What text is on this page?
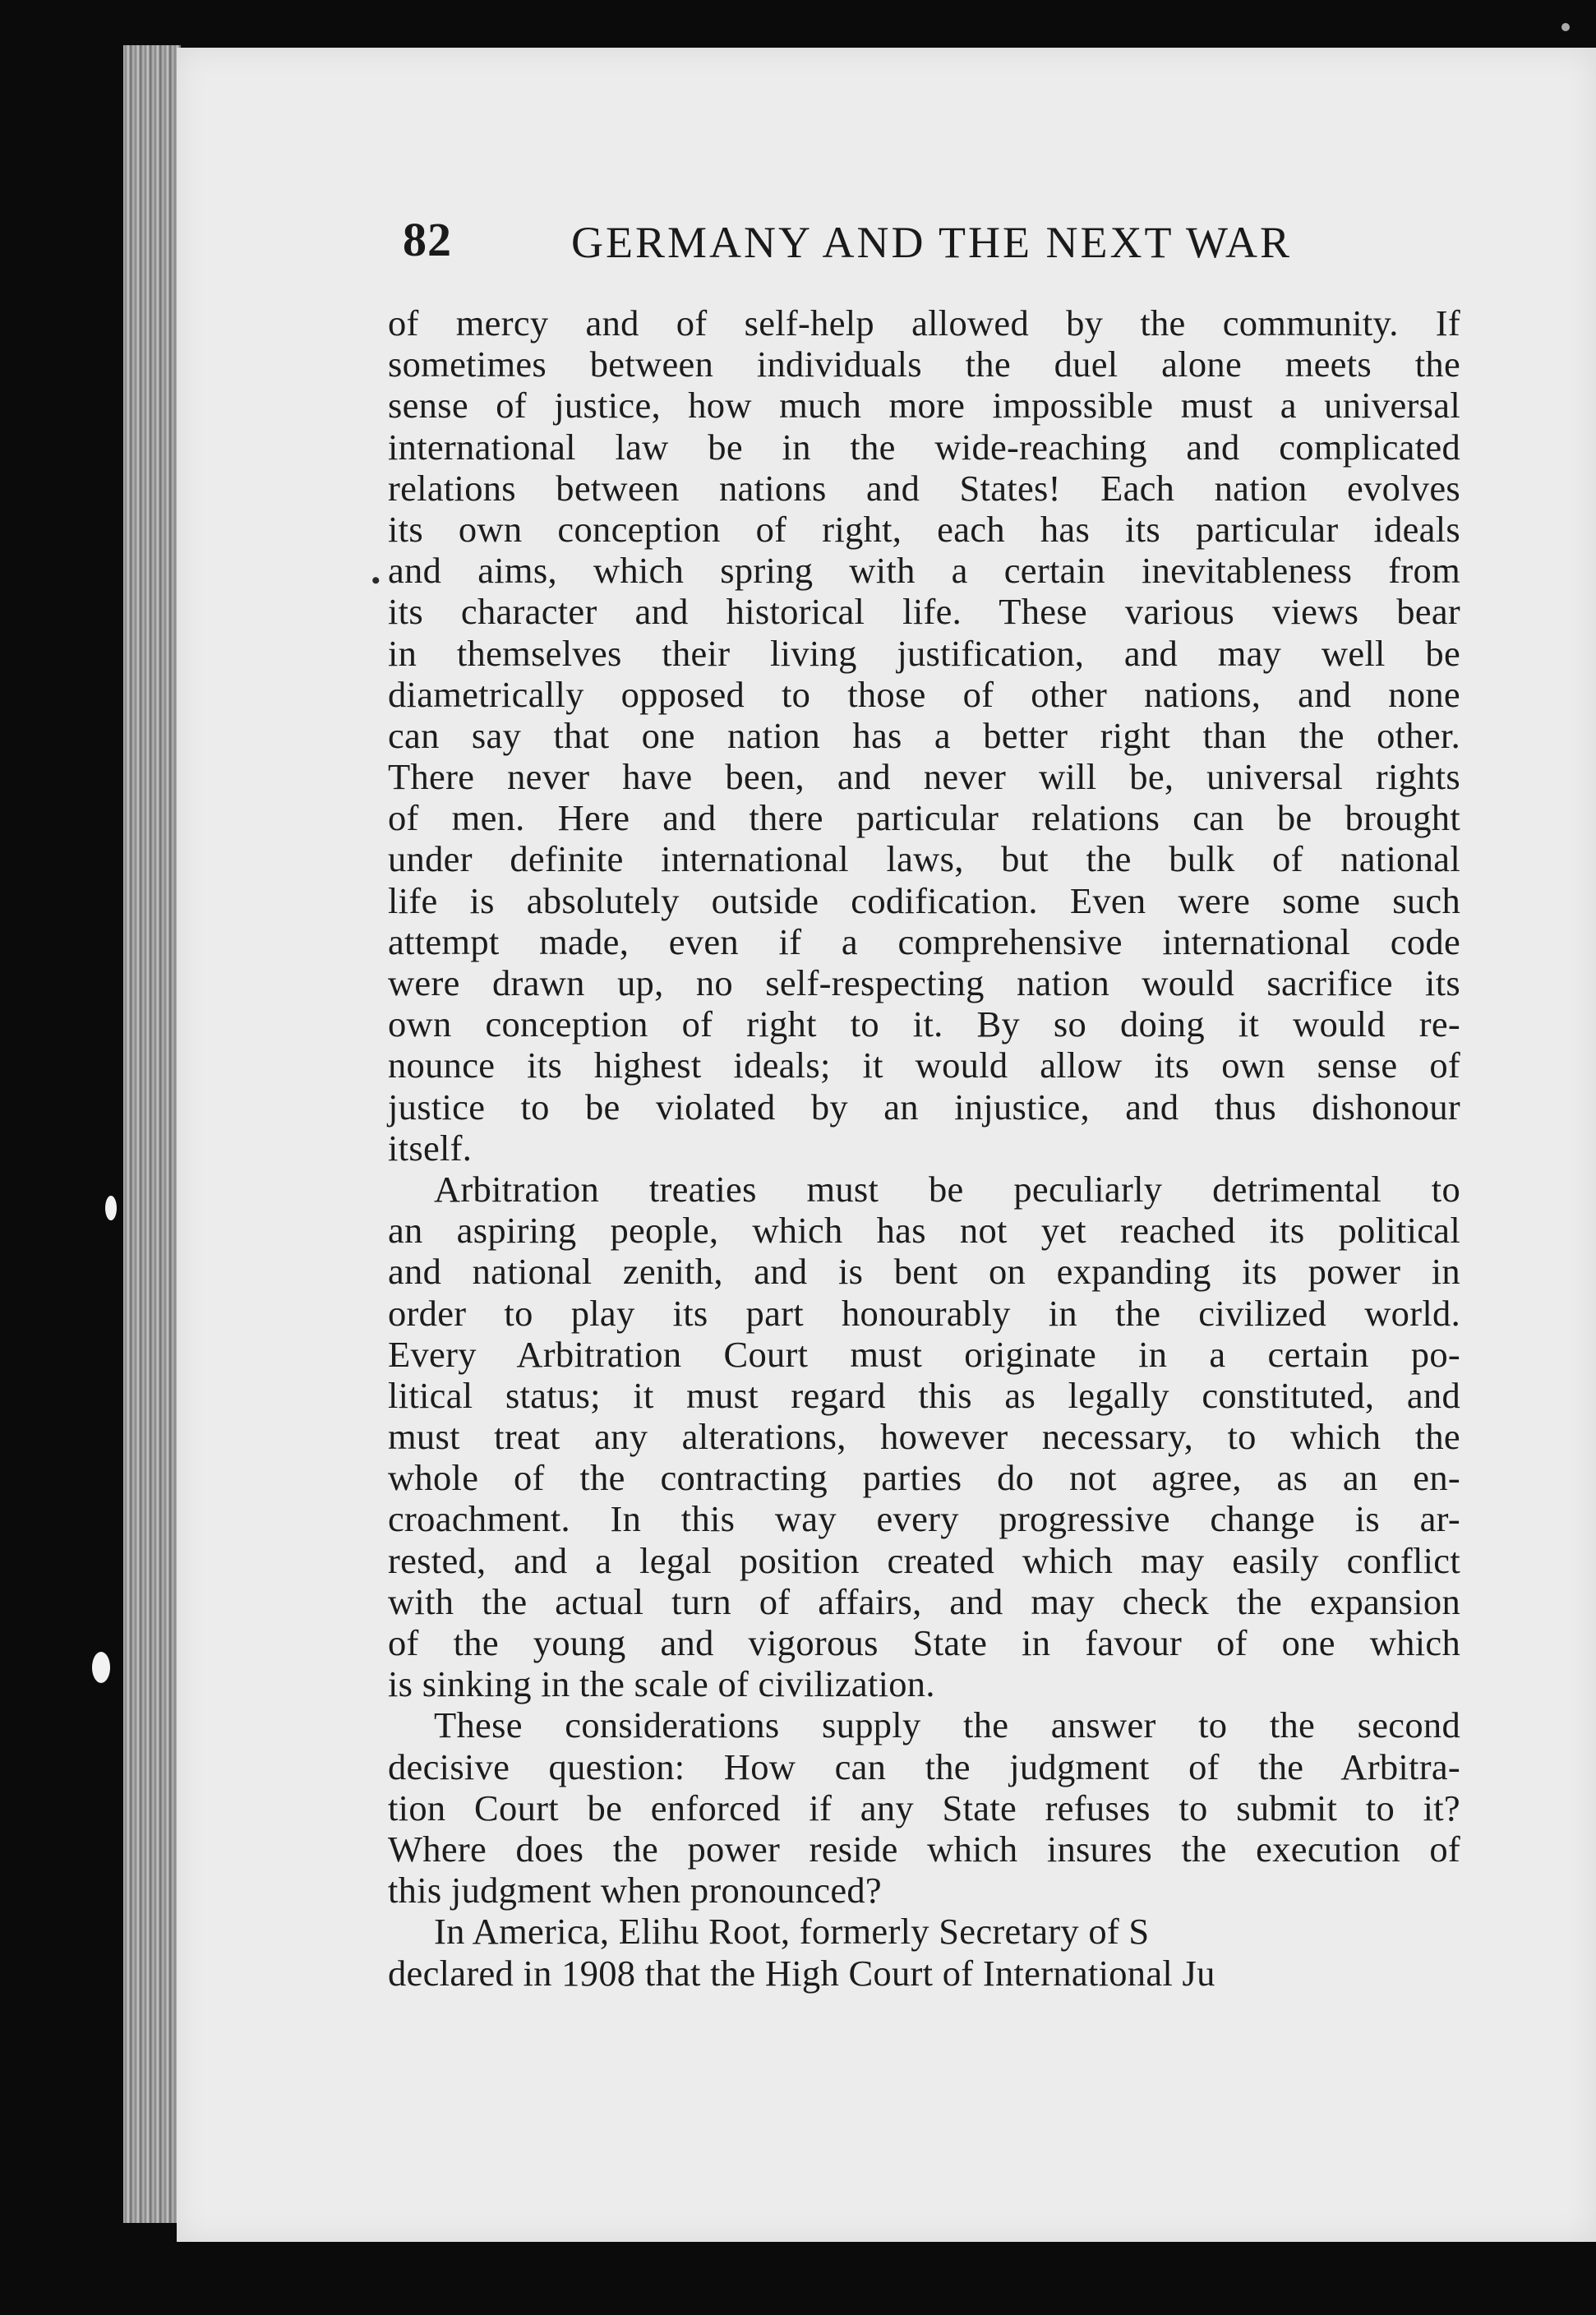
82	GERMANY AND THE NEXT WAR
of mercy and of self-help allowed by the community. If
sometimes between individuals the duel alone meets the
sense of justice, how much more impossible must a universal
international law be in the wide-reaching and complicated
relations between nations and States! Each nation evolves
its own conception of right, each has its particular ideals
and aims, which spring with a certain inevitableness from
its character and historical life. These various views bear
in themselves their living justification, and may well be
diametrically opposed to those of other nations, and none
can say that one nation has a better right than the other.
There never have been, and never will be, universal rights
of men. Here and there particular relations can be brought
under definite international laws, but the bulk of national
life is absolutely outside codification. Even were some such
attempt made, even if a comprehensive international code
were drawn up, no self-respecting nation would sacrifice its
own conception of right to it. By so doing it would re-
nounce its highest ideals; it would allow its own sense of
justice to be violated by an injustice, and thus dishonour
itself.
Arbitration treaties must be peculiarly detrimental to
an aspiring people, which has not yet reached its political
and national zenith, and is bent on expanding its power in
order to play its part honourably in the civilized world.
Every Arbitration Court must originate in a certain po-
litical status; it must regard this as legally constituted, and
must treat any alterations, however necessary, to which the
whole of the contracting parties do not agree, as an en-
croachment. In this way every progressive change is ar-
rested, and a legal position created which may easily conflict
with the actual turn of affairs, and may check the expansion
of the young and vigorous State in favour of one which
is sinking in the scale of civilization.
These considerations supply the answer to the second
decisive question: How can the judgment of the Arbitra-
tion Court be enforced if any State refuses to submit to it?
Where does the power reside which insures the execution of
this judgment when pronounced?
In America, Elihu Root, formerly Secretary of S
declared in 1908 that the High Court of International Ju
•
